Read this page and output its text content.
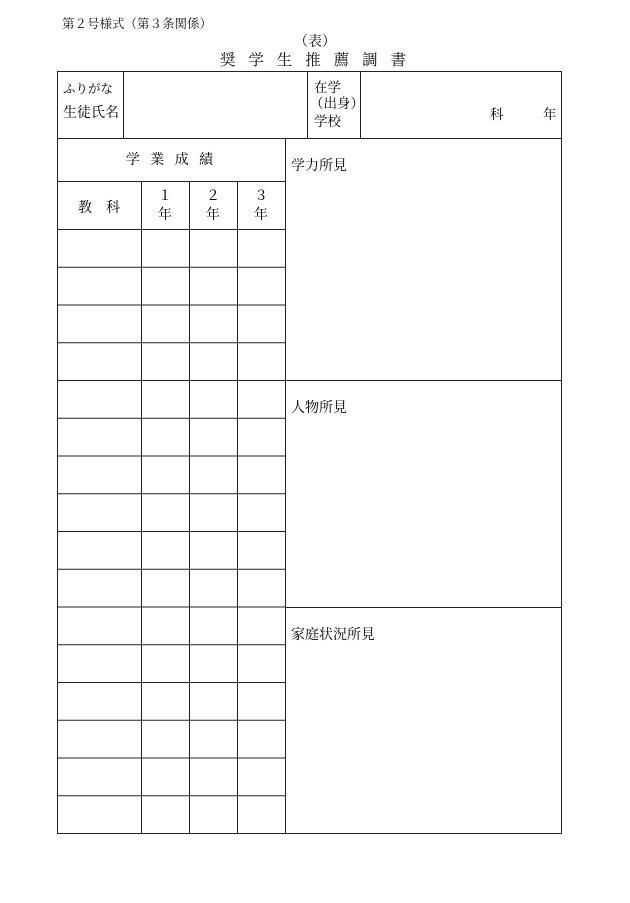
第２号様式（第３条関係）
（表）
奨 学 生 推 薦 調 書
ふりがな
生徒氏名
在学
（出身）
学校	科	年
学 業 成 績
教　科
１
年
２
年
３
年
学力所見
人物所見
家庭状況所見
